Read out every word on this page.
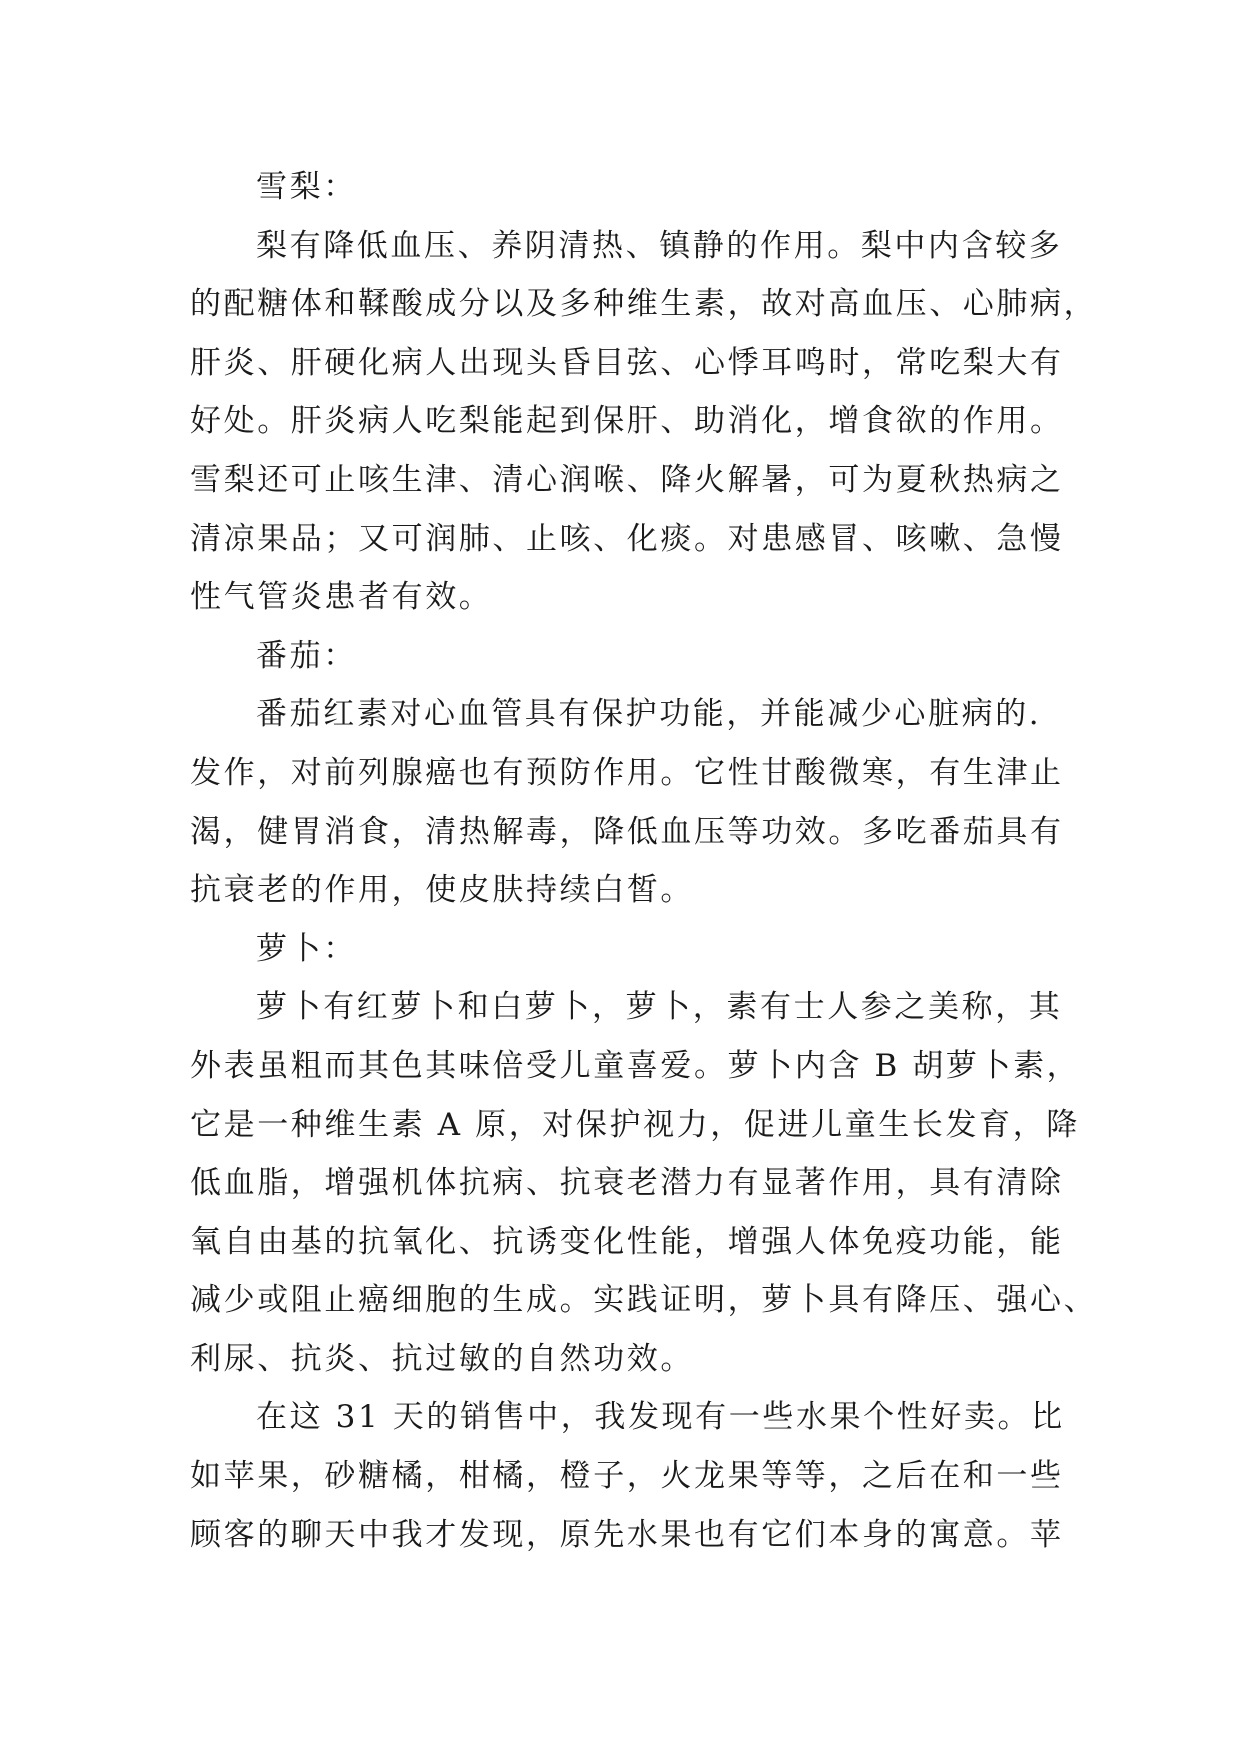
雪梨：

梨有降低血压、养阴清热、镇静的作用。梨中内含较多
的配糖体和鞣酸成分以及多种维生素，故对高血压、心肺病，
肝炎、肝硬化病人出现头昏目弦、心悸耳鸣时，常吃梨大有
好处。肝炎病人吃梨能起到保肝、助消化，增食欲的作用。
雪梨还可止咳生津、清心润喉、降火解暑，可为夏秋热病之
清凉果品；又可润肺、止咳、化痰。对患感冒、咳嗽、急慢
性气管炎患者有效。

番茄：

番茄红素对心血管具有保护功能，并能减少心脏病的.
发作，对前列腺癌也有预防作用。它性甘酸微寒，有生津止
渴，健胃消食，清热解毒，降低血压等功效。多吃番茄具有
抗衰老的作用，使皮肤持续白皙。

萝卜：

萝卜有红萝卜和白萝卜，萝卜，素有士人参之美称，其
外表虽粗而其色其味倍受儿童喜爱。萝卜内含 B 胡萝卜素，
它是一种维生素 A 原，对保护视力，促进儿童生长发育，降
低血脂，增强机体抗病、抗衰老潜力有显著作用，具有清除
氧自由基的抗氧化、抗诱变化性能，增强人体免疫功能，能
减少或阻止癌细胞的生成。实践证明，萝卜具有降压、强心、
利尿、抗炎、抗过敏的自然功效。

在这 31 天的销售中，我发现有一些水果个性好卖。比
如苹果，砂糖橘，柑橘，橙子，火龙果等等，之后在和一些
顾客的聊天中我才发现，原先水果也有它们本身的寓意。苹
